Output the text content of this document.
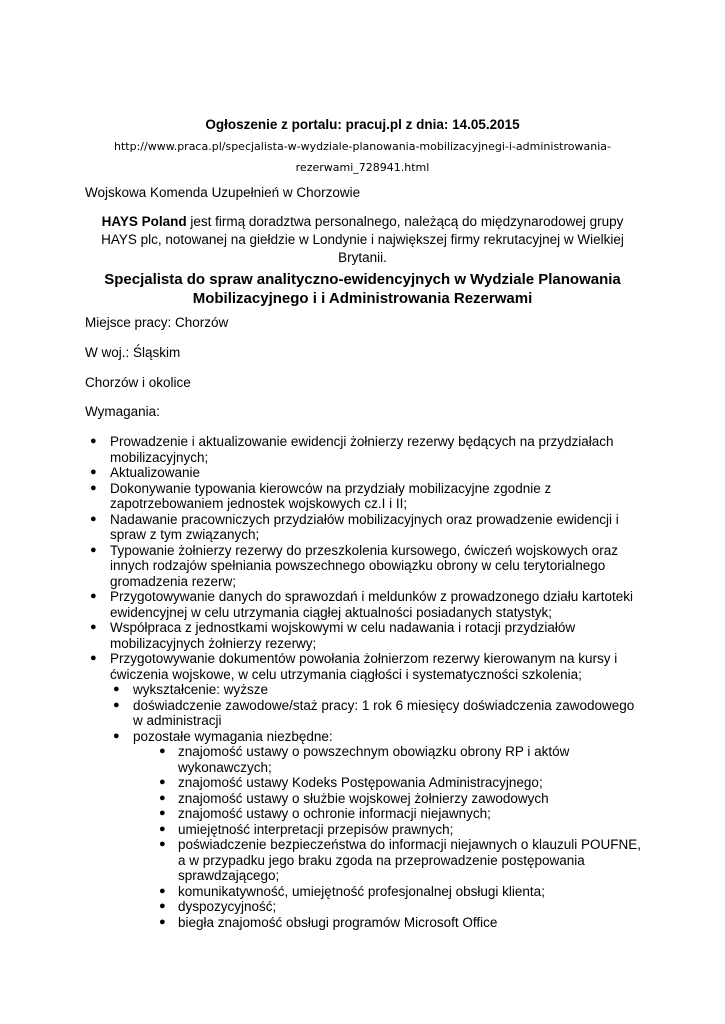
Ogłoszenie z portalu: pracuj.pl z dnia: 14.05.2015
http://www.praca.pl/specjalista-w-wydziale-planowania-mobilizacyjnegi-i-administrowania-
rezerwami_728941.html
Wojskowa Komenda Uzupełnień w Chorzowie
HAYS Poland jest firmą doradztwa personalnego, należącą do międzynarodowej grupy
HAYS plc, notowanej na giełdzie w Londynie i największej firmy rekrutacyjnej w Wielkiej
Brytanii.
Specjalista do spraw analityczno-ewidencyjnych w Wydziale Planowania
Mobilizacyjnego i i Administrowania Rezerwami
Miejsce pracy: Chorzów
W woj.: Śląskim
Chorzów i okolice
Wymagania:
● Prowadzenie i aktualizowanie ewidencji żołnierzy rezerwy będących na przydziałach
mobilizacyjnych;
● Aktualizowanie
● Dokonywanie typowania kierowców na przydziały mobilizacyjne zgodnie z
zapotrzebowaniem jednostek wojskowych cz.I i II;
● Nadawanie pracowniczych przydziałów mobilizacyjnych oraz prowadzenie ewidencji i
spraw z tym związanych;
● Typowanie żołnierzy rezerwy do przeszkolenia kursowego, ćwiczeń wojskowych oraz
innych rodzajów spełniania powszechnego obowiązku obrony w celu terytorialnego
gromadzenia rezerw;
● Przygotowywanie danych do sprawozdań i meldunków z prowadzonego działu kartoteki
ewidencyjnej w celu utrzymania ciągłej aktualności posiadanych statystyk;
● Współpraca z jednostkami wojskowymi w celu nadawania i rotacji przydziałów
mobilizacyjnych żołnierzy rezerwy;
● Przygotowywanie dokumentów powołania żołnierzom rezerwy kierowanym na kursy i
ćwiczenia wojskowe, w celu utrzymania ciągłości i systematyczności szkolenia;
● wykształcenie: wyższe
● doświadczenie zawodowe/staż pracy: 1 rok 6 miesięcy doświadczenia zawodowego
w administracji
● pozostałe wymagania niezbędne:
● znajomość ustawy o powszechnym obowiązku obrony RP i aktów
wykonawczych;
● znajomość ustawy Kodeks Postępowania Administracyjnego;
● znajomość ustawy o służbie wojskowej żołnierzy zawodowych
● znajomość ustawy o ochronie informacji niejawnych;
● umiejętność interpretacji przepisów prawnych;
● poświadczenie bezpieczeństwa do informacji niejawnych o klauzuli POUFNE,
a w przypadku jego braku zgoda na przeprowadzenie postępowania
sprawdzającego;
● komunikatywność, umiejętność profesjonalnej obsługi klienta;
● dyspozycyjność;
● biegła znajomość obsługi programów Microsoft Office
